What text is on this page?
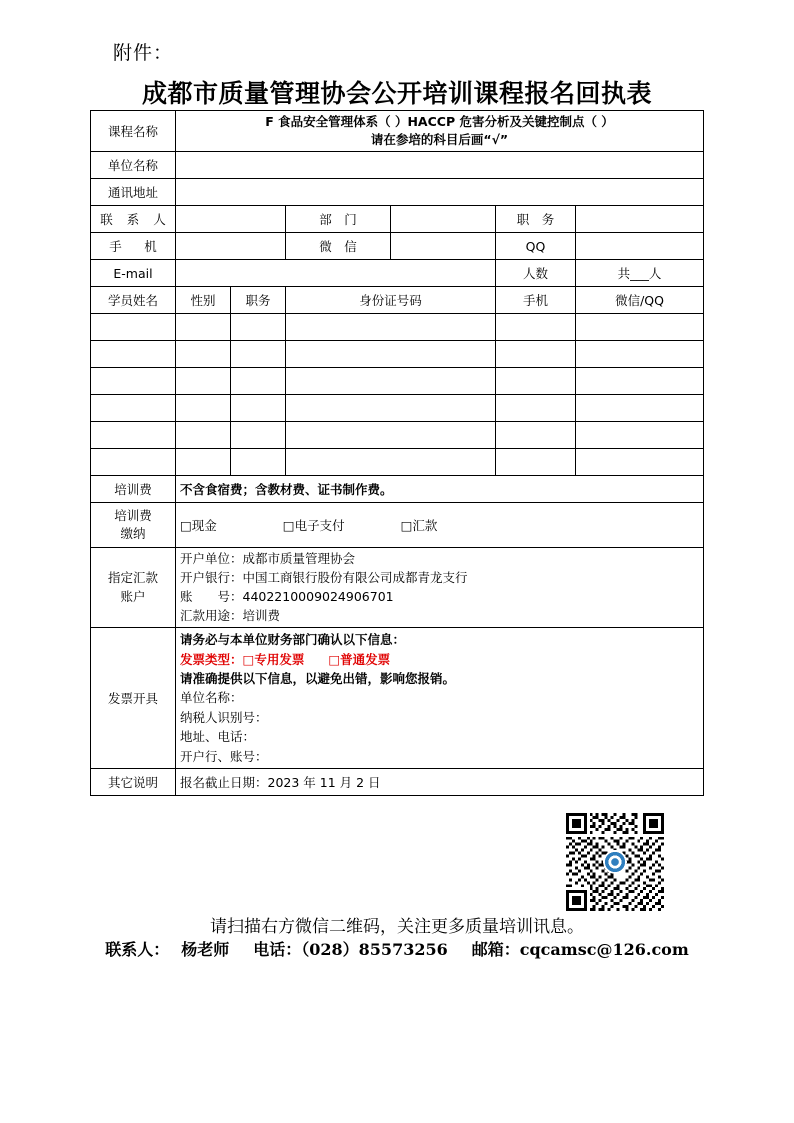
附件：
成都市质量管理协会公开培训课程报名回执表
课程名称	F 食品安全管理体系（ ）HACCP 危害分析及关键控制点（ ）
请在参培的科目后画“√”					

单位名称						
通讯地址						
联 系 人			部　门		职　务	
手　机			微　信		QQ	
E-mail					人数	共___人
学员姓名	性别	职务	身份证号码		手机	微信/QQ

培训费	不含食宿费；含教材费、证书制作费。					

培训费
缴纳	□现金 □电子支付 □汇款					

指定汇款
账户

开户单位：成都市质量管理协会
开户银行：中国工商银行股份有限公司成都青龙支行
账　　号：4402210009024906701
汇款用途：培训费

发票开具	
请务必与本单位财务部门确认以下信息：
发票类型：□专用发票 □普通发票
请准确提供以下信息，以避免出错，影响您报销。
单位名称：
纳税人识别号：
地址、电话：
开户行、账号：

其它说明	报名截止日期：2023 年 11 月 2 日					
请扫描右方微信二维码，关注更多质量培训讯息。
联系人： 杨老师 电话：（028）85573256 邮箱：cqcamsc@126.com
